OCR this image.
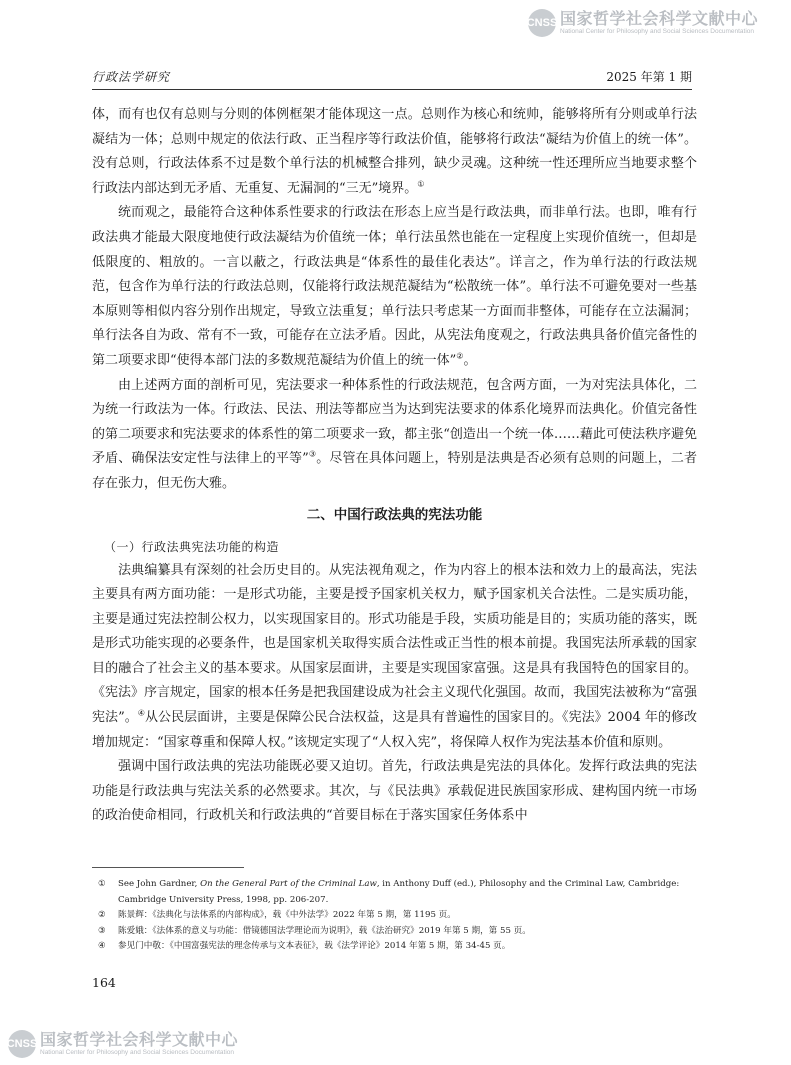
CNSS 国家哲学社会科学文献中心
National Center for Philosophy and Social Sciences Documentation
行政法学研究	2025 年第 1 期

体，而有也仅有总则与分则的体例框架才能体现这一点。总则作为核心和统帅，能够将所有分则或单行法凝结为一体；总则中规定的依法行政、正当程序等行政法价值，能够将行政法“凝结为价值上的统一体”。没有总则，行政法体系不过是数个单行法的机械整合排列，缺少灵魂。这种统一性还理所应当地要求整个行政法内部达到无矛盾、无重复、无漏洞的“三无”境界。①

统而观之，最能符合这种体系性要求的行政法在形态上应当是行政法典，而非单行法。也即，唯有行政法典才能最大限度地使行政法凝结为价值统一体；单行法虽然也能在一定程度上实现价值统一，但却是低限度的、粗放的。一言以蔽之，行政法典是“体系性的最佳化表达”。详言之，作为单行法的行政法规范，包含作为单行法的行政法总则，仅能将行政法规范凝结为“松散统一体”。单行法不可避免要对一些基本原则等相似内容分别作出规定，导致立法重复；单行法只考虑某一方面而非整体，可能存在立法漏洞；单行法各自为政、常有不一致，可能存在立法矛盾。因此，从宪法角度观之，行政法典具备价值完备性的第二项要求即“使得本部门法的多数规范凝结为价值上的统一体”②。

由上述两方面的剖析可见，宪法要求一种体系性的行政法规范，包含两方面，一为对宪法具体化，二为统一行政法为一体。行政法、民法、刑法等都应当为达到宪法要求的体系化境界而法典化。价值完备性的第二项要求和宪法要求的体系性的第二项要求一致，都主张“创造出一个统一体……藉此可使法秩序避免矛盾、确保法安定性与法律上的平等”③。尽管在具体问题上，特别是法典是否必须有总则的问题上，二者存在张力，但无伤大雅。

二、中国行政法典的宪法功能
（一）行政法典宪法功能的构造

法典编纂具有深刻的社会历史目的。从宪法视角观之，作为内容上的根本法和效力上的最高法，宪法主要具有两方面功能：一是形式功能，主要是授予国家机关权力，赋予国家机关合法性。二是实质功能，主要是通过宪法控制公权力，以实现国家目的。形式功能是手段，实质功能是目的；实质功能的落实，既是形式功能实现的必要条件，也是国家机关取得实质合法性或正当性的根本前提。我国宪法所承载的国家目的融合了社会主义的基本要求。从国家层面讲，主要是实现国家富强。这是具有我国特色的国家目的。《宪法》序言规定，国家的根本任务是把我国建设成为社会主义现代化强国。故而，我国宪法被称为“富强宪法”。④从公民层面讲，主要是保障公民合法权益，这是具有普遍性的国家目的。《宪法》2004 年的修改增加规定：“国家尊重和保障人权。”该规定实现了“人权入宪”，将保障人权作为宪法基本价值和原则。

强调中国行政法典的宪法功能既必要又迫切。首先，行政法典是宪法的具体化。发挥行政法典的宪法功能是行政法典与宪法关系的必然要求。其次，与《民法典》承载促进民族国家形成、建构国内统一市场的政治使命相同，行政机关和行政法典的“首要目标在于落实国家任务体系中

①	See John Gardner, On the General Part of the Criminal Law, in Anthony Duff (ed.), Philosophy and the Criminal Law, Cambridge: Cambridge University Press, 1998, pp. 206-207.
②	陈景辉：《法典化与法体系的内部构成》，载《中外法学》2022 年第 5 期，第 1195 页。
③	陈爱娥：《法体系的意义与功能：借镜德国法学理论而为说明》，载《法治研究》2019 年第 5 期，第 55 页。
④	参见门中敬：《中国富强宪法的理念传承与文本表征》，载《法学评论》2014 年第 5 期，第 34-45 页。
164
CNSS 国家哲学社会科学文献中心
National Center for Philosophy and Social Sciences Documentation
